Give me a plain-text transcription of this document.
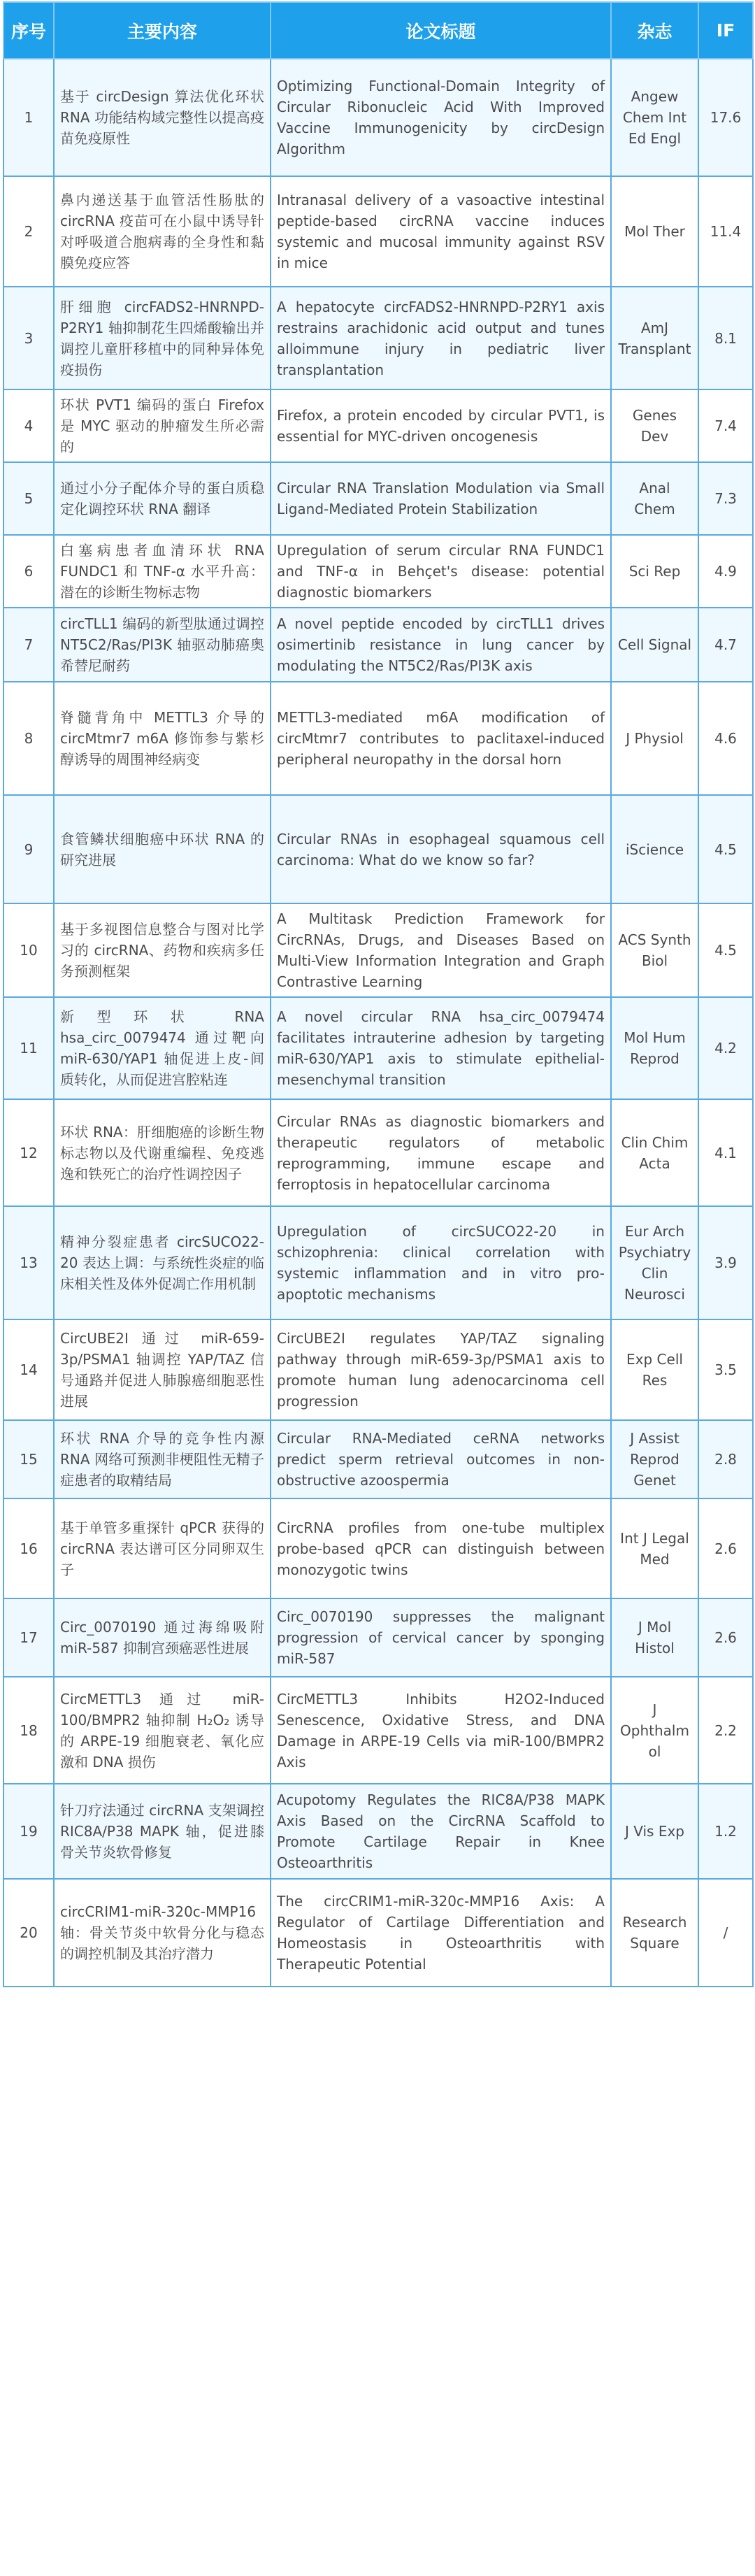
序号	主要内容	论文标题	杂志	IF
1	基于 circDesign 算法优化环状 RNA 功能结构域完整性以提高疫苗免疫原性	Optimizing Functional-Domain Integrity of Circular Ribonucleic Acid With Improved Vaccine Immunogenicity by circDesign Algorithm	Angew Chem Int Ed Engl	17.6
2	鼻内递送基于血管活性肠肽的 circRNA 疫苗可在小鼠中诱导针对呼吸道合胞病毒的全身性和黏膜免疫应答	Intranasal delivery of a vasoactive intestinal peptide-based circRNA vaccine induces systemic and mucosal immunity against RSV in mice	Mol Ther	11.4
3	肝细胞 circFADS2-HNRNPD-P2RY1 轴抑制花生四烯酸输出并调控儿童肝移植中的同种异体免疫损伤	A hepatocyte circFADS2-HNRNPD-P2RY1 axis restrains arachidonic acid output and tunes alloimmune injury in pediatric liver transplantation	AmJ Transplant	8.1
4	环状 PVT1 编码的蛋白 Firefox 是 MYC 驱动的肿瘤发生所必需的	Firefox, a protein encoded by circular PVT1, is essential for MYC-driven oncogenesis	Genes Dev	7.4
5	通过小分子配体介导的蛋白质稳定化调控环状 RNA 翻译	Circular RNA Translation Modulation via Small Ligand-Mediated Protein Stabilization	Anal Chem	7.3
6	白塞病患者血清环状 RNA FUNDC1 和 TNF-α 水平升高：潜在的诊断生物标志物	Upregulation of serum circular RNA FUNDC1 and TNF-α in Behçet's disease: potential diagnostic biomarkers	Sci Rep	4.9
7	circTLL1 编码的新型肽通过调控 NT5C2/Ras/PI3K 轴驱动肺癌奥希替尼耐药	A novel peptide encoded by circTLL1 drives osimertinib resistance in lung cancer by modulating the NT5C2/Ras/PI3K axis	Cell Signal	4.7
8	脊髓背角中 METTL3 介导的 circMtmr7 m6A 修饰参与紫杉醇诱导的周围神经病变	METTL3-mediated m6A modification of circMtmr7 contributes to paclitaxel-induced peripheral neuropathy in the dorsal horn	J Physiol	4.6
9	食管鳞状细胞癌中环状 RNA 的研究进展	Circular RNAs in esophageal squamous cell carcinoma: What do we know so far?	iScience	4.5
10	基于多视图信息整合与图对比学习的 circRNA、药物和疾病多任务预测框架	A Multitask Prediction Framework for CircRNAs, Drugs, and Diseases Based on Multi-View Information Integration and Graph Contrastive Learning	ACS Synth Biol	4.5
11	新型环状 RNA hsa_circ_0079474 通过靶向 miR-630/YAP1 轴促进上皮-间质转化，从而促进宫腔粘连	A novel circular RNA hsa_circ_0079474 facilitates intrauterine adhesion by targeting miR-630/YAP1 axis to stimulate epithelial-mesenchymal transition	Mol Hum Reprod	4.2
12	环状 RNA：肝细胞癌的诊断生物标志物以及代谢重编程、免疫逃逸和铁死亡的治疗性调控因子	Circular RNAs as diagnostic biomarkers and therapeutic regulators of metabolic reprogramming, immune escape and ferroptosis in hepatocellular carcinoma	Clin Chim Acta	4.1
13	精神分裂症患者 circSUCO22-20 表达上调：与系统性炎症的临床相关性及体外促凋亡作用机制	Upregulation of circSUCO22-20 in schizophrenia: clinical correlation with systemic inflammation and in vitro pro-apoptotic mechanisms	Eur Arch Psychiatry Clin Neurosci	3.9
14	CircUBE2I 通过 miR-659-3p/PSMA1 轴调控 YAP/TAZ 信号通路并促进人肺腺癌细胞恶性进展	CircUBE2I regulates YAP/TAZ signaling pathway through miR-659-3p/PSMA1 axis to promote human lung adenocarcinoma cell progression	Exp Cell Res	3.5
15	环状 RNA 介导的竞争性内源 RNA 网络可预测非梗阻性无精子症患者的取精结局	Circular RNA-Mediated ceRNA networks predict sperm retrieval outcomes in non-obstructive azoospermia	J Assist Reprod Genet	2.8
16	基于单管多重探针 qPCR 获得的 circRNA 表达谱可区分同卵双生子	CircRNA profiles from one-tube multiplex probe-based qPCR can distinguish between monozygotic twins	Int J Legal Med	2.6
17	Circ_0070190 通过海绵吸附 miR-587 抑制宫颈癌恶性进展	Circ_0070190 suppresses the malignant progression of cervical cancer by sponging miR-587	J Mol Histol	2.6
18	CircMETTL3 通过 miR-100/BMPR2 轴抑制 H₂O₂ 诱导的 ARPE-19 细胞衰老、氧化应激和 DNA 损伤	CircMETTL3 Inhibits H2O2-Induced Senescence, Oxidative Stress, and DNA Damage in ARPE-19 Cells via miR-100/BMPR2 Axis	J Ophthalmol	2.2
19	针刀疗法通过 circRNA 支架调控 RIC8A/P38 MAPK 轴，促进膝骨关节炎软骨修复	Acupotomy Regulates the RIC8A/P38 MAPK Axis Based on the CircRNA Scaffold to Promote Cartilage Repair in Knee Osteoarthritis	J Vis Exp	1.2
20	circCRIM1-miR-320c-MMP16 轴：骨关节炎中软骨分化与稳态的调控机制及其治疗潜力	The circCRIM1-miR-320c-MMP16 Axis: A Regulator of Cartilage Differentiation and Homeostasis in Osteoarthritis with Therapeutic Potential	Research Square	/
